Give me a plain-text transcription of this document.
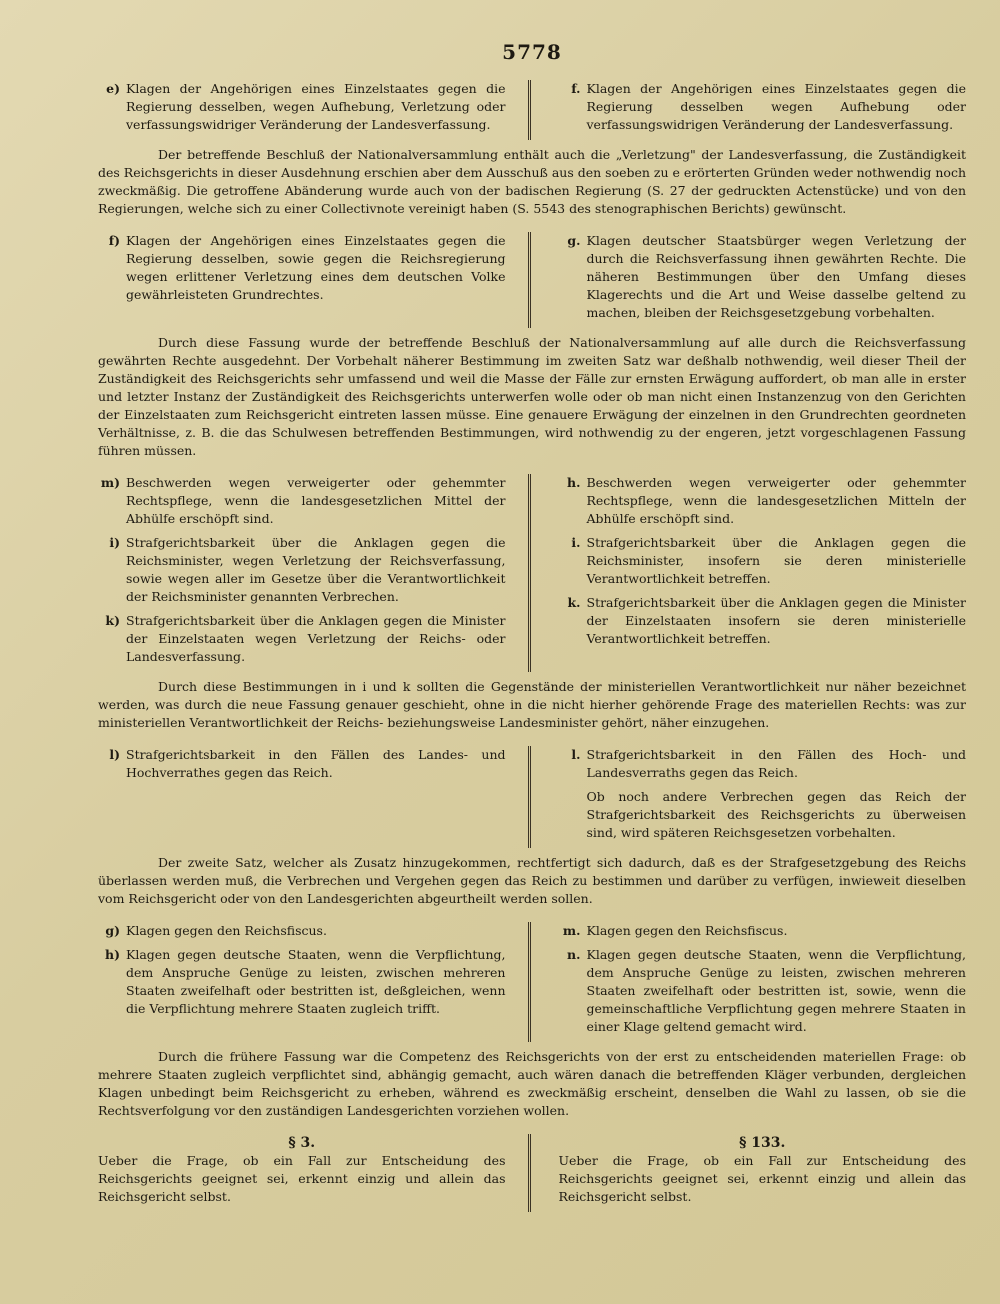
5778
e) Klagen der Angehörigen eines Einzelstaates gegen die Regierung desselben, wegen Aufhebung, Verletzung oder verfassungswidriger Veränderung der Landesverfassung.
f. Klagen der Angehörigen eines Einzelstaates gegen die Regierung desselben wegen Aufhebung oder verfassungswidrigen Veränderung der Landesverfassung.

Der betreffende Beschluß der Nationalversammlung enthält auch die „Verletzung" der Landesverfassung, die Zuständigkeit des Reichsgerichts in dieser Ausdehnung erschien aber dem Ausschuß aus den soeben zu e erörterten Gründen weder nothwendig noch zweckmäßig. Die getroffene Abänderung wurde auch von der badischen Regierung (S. 27 der gedruckten Actenstücke) und von den Regierungen, welche sich zu einer Collectivnote vereinigt haben (S. 5543 des stenographischen Berichts) gewünscht.

f) Klagen der Angehörigen eines Einzelstaates gegen die Regierung desselben, sowie gegen die Reichsregierung wegen erlittener Verletzung eines dem deutschen Volke gewährleisteten Grundrechtes.
g. Klagen deutscher Staatsbürger wegen Verletzung der durch die Reichsverfassung ihnen gewährten Rechte. Die näheren Bestimmungen über den Umfang dieses Klagerechts und die Art und Weise dasselbe geltend zu machen, bleiben der Reichsgesetzgebung vorbehalten.

Durch diese Fassung wurde der betreffende Beschluß der Nationalversammlung auf alle durch die Reichsverfassung gewährten Rechte ausgedehnt. Der Vorbehalt näherer Bestimmung im zweiten Satz war deßhalb nothwendig, weil dieser Theil der Zuständigkeit des Reichsgerichts sehr umfassend und weil die Masse der Fälle zur ernsten Erwägung auffordert, ob man alle in erster und letzter Instanz der Zuständigkeit des Reichsgerichts unterwerfen wolle oder ob man nicht einen Instanzenzug von den Gerichten der Einzelstaaten zum Reichsgericht eintreten lassen müsse. Eine genauere Erwägung der einzelnen in den Grundrechten geordneten Verhältnisse, z. B. die das Schulwesen betreffenden Bestimmungen, wird nothwendig zu der engeren, jetzt vorgeschlagenen Fassung führen müssen.

m) Beschwerden wegen verweigerter oder gehemmter Rechtspflege, wenn die landesgesetzlichen Mittel der Abhülfe erschöpft sind.
i) Strafgerichtsbarkeit über die Anklagen gegen die Reichsminister, wegen Verletzung der Reichsverfassung, sowie wegen aller im Gesetze über die Verantwortlichkeit der Reichsminister genannten Verbrechen.
k) Strafgerichtsbarkeit über die Anklagen gegen die Minister der Einzelstaaten wegen Verletzung der Reichs- oder Landesverfassung.
h. Beschwerden wegen verweigerter oder gehemmter Rechtspflege, wenn die landesgesetzlichen Mitteln der Abhülfe erschöpft sind.
i. Strafgerichtsbarkeit über die Anklagen gegen die Reichsminister, insofern sie deren ministerielle Verantwortlichkeit betreffen.
k. Strafgerichtsbarkeit über die Anklagen gegen die Minister der Einzelstaaten insofern sie deren ministerielle Verantwortlichkeit betreffen.

Durch diese Bestimmungen in i und k sollten die Gegenstände der ministeriellen Verantwortlichkeit nur näher bezeichnet werden, was durch die neue Fassung genauer geschieht, ohne in die nicht hierher gehörende Frage des materiellen Rechts: was zur ministeriellen Verantwortlichkeit der Reichs- beziehungsweise Landesminister gehört, näher einzugehen.

l) Strafgerichtsbarkeit in den Fällen des Landes- und Hochverrathes gegen das Reich.
l. Strafgerichtsbarkeit in den Fällen des Hoch- und Landesverraths gegen das Reich.
Ob noch andere Verbrechen gegen das Reich der Strafgerichtsbarkeit des Reichsgerichts zu überweisen sind, wird späteren Reichsgesetzen vorbehalten.

Der zweite Satz, welcher als Zusatz hinzugekommen, rechtfertigt sich dadurch, daß es der Strafgesetzgebung des Reichs überlassen werden muß, die Verbrechen und Vergehen gegen das Reich zu bestimmen und darüber zu verfügen, inwieweit dieselben vom Reichsgericht oder von den Landesgerichten abgeurtheilt werden sollen.

g) Klagen gegen den Reichsfiscus.
h) Klagen gegen deutsche Staaten, wenn die Verpflichtung, dem Anspruche Genüge zu leisten, zwischen mehreren Staaten zweifelhaft oder bestritten ist, deßgleichen, wenn die Verpflichtung mehrere Staaten zugleich trifft.
m. Klagen gegen den Reichsfiscus.
n. Klagen gegen deutsche Staaten, wenn die Verpflichtung, dem Anspruche Genüge zu leisten, zwischen mehreren Staaten zweifelhaft oder bestritten ist, sowie, wenn die gemeinschaftliche Verpflichtung gegen mehrere Staaten in einer Klage geltend gemacht wird.

Durch die frühere Fassung war die Competenz des Reichsgerichts von der erst zu entscheidenden materiellen Frage: ob mehrere Staaten zugleich verpflichtet sind, abhängig gemacht, auch wären danach die betreffenden Kläger verbunden, dergleichen Klagen unbedingt beim Reichsgericht zu erheben, während es zweckmäßig erscheint, denselben die Wahl zu lassen, ob sie die Rechtsverfolgung vor den zuständigen Landesgerichten vorziehen wollen.

§ 3.
Ueber die Frage, ob ein Fall zur Entscheidung des Reichsgerichts geeignet sei, erkennt einzig und allein das Reichsgericht selbst.
§ 133.
Ueber die Frage, ob ein Fall zur Entscheidung des Reichsgerichts geeignet sei, erkennt einzig und allein das Reichsgericht selbst.
